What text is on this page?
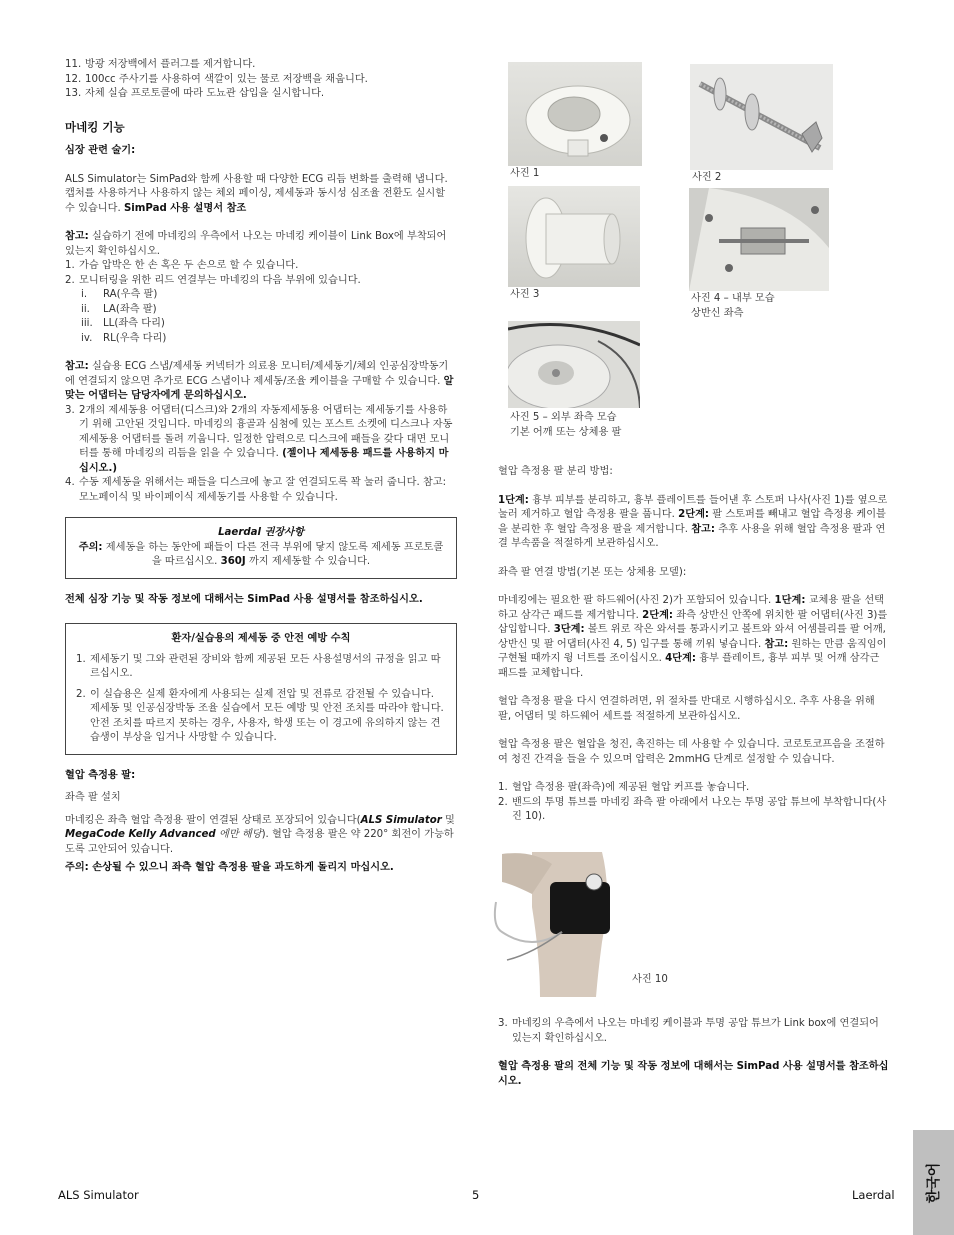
11. 방광 저장백에서 플러그를 제거합니다.
12. 100cc 주사기를 사용하여 색깔이 있는 물로 저장백을 채웁니다.
13. 자체 실습 프로토콜에 따라 도뇨관 삽입을 실시합니다.
마네킹 기능

심장 관련 술기:

ALS Simulator는 SimPad와 함께 사용할 때 다양한 ECG 리듬 변화를 출력해 냅니다. 캡처를 사용하거나 사용하지 않는 체외 페이싱, 제세동과 동시성 심조율 전환도 실시할 수 있습니다. SimPad 사용 설명서 참조

참고: 실습하기 전에 마네킹의 우측에서 나오는 마네킹 케이블이 Link Box에 부착되어 있는지 확인하십시오.

1. 가슴 압박은 한 손 혹은 두 손으로 할 수 있습니다.
2. 모니터링을 위한 리드 연결부는 마네킹의 다음 부위에 있습니다.
i. RA(우측 팔)
ii. LA(좌측 팔)
iii. LL(좌측 다리)
iv. RL(우측 다리)

참고: 실습용 ECG 스냅/제세동 커넥터가 의료용 모니터/제세동기/체외 인공심장박동기에 연결되지 않으면 추가로 ECG 스냅이나 제세동/조율 케이블을 구매할 수 있습니다. 알맞는 어댑터는 담당자에게 문의하십시오.

3. 2개의 제세동용 어댑터(디스크)와 2개의 자동제세동용 어댑터는 제세동기를 사용하기 위해 고안된 것입니다. 마네킹의 흉골과 심첨에 있는 포스트 소켓에 디스크나 자동제세동용 어댑터를 돌려 끼웁니다. 일정한 압력으로 디스크에 패들을 갖다 대면 모니터를 통해 마네킹의 리듬을 읽을 수 있습니다. (젤이나 제세동용 패드를 사용하지 마십시오.)
4. 수동 제세동을 위해서는 패들을 디스크에 놓고 잘 연결되도록 꽉 눌러 줍니다. 참고: 모노페이식 및 바이페이식 제세동기를 사용할 수 있습니다.
Laerdal 권장사항

주의: 제세동을 하는 동안에 패들이 다른 전극 부위에 닿지 않도록 제세동 프로토콜을 따르십시오. 360J 까지 제세동할 수 있습니다.

전체 심장 기능 및 작동 정보에 대해서는 SimPad 사용 설명서를 참조하십시오.

환자/실습용의 제세동 중 안전 예방 수칙
1. 제세동기 및 그와 관련된 장비와 함께 제공된 모든 사용설명서의 규정을 읽고 따르십시오.
2. 이 실습용은 실제 환자에게 사용되는 실제 전압 및 전류로 감전될 수 있습니다. 제세동 및 인공심장박동 조율 실습에서 모든 예방 및 안전 조치를 따라야 합니다. 안전 조치를 따르지 못하는 경우, 사용자, 학생 또는 이 경고에 유의하지 않는 견습생이 부상을 입거나 사망할 수 있습니다.

혈압 측정용 팔:

좌측 팔 설치

마네킹은 좌측 혈압 측정용 팔이 연결된 상태로 포장되어 있습니다(ALS Simulator 및 MegaCode Kelly Advanced 에만 해당). 혈압 측정용 팔은 약 220° 회전이 가능하도록 고안되어 있습니다.

주의: 손상될 수 있으니 좌측 혈압 측정용 팔을 과도하게 돌리지 마십시오.

사진 1	사진 2
사진 3	사진 4 – 내부 모습
상반신 좌측
사진 5 – 외부 좌측 모습
기본 어깨 또는 상체용 팔

혈압 측정용 팔 분리 방법:

1단계: 흉부 피부를 분리하고, 흉부 플레이트를 들어낸 후 스토퍼 나사(사진 1)를 옆으로 눌러 제거하고 혈압 측정용 팔을 풉니다. 2단계: 팔 스토퍼를 빼내고 혈압 측정용 케이블을 분리한 후 혈압 측정용 팔을 제거합니다. 참고: 추후 사용을 위해 혈압 측정용 팔과 연결 부속품을 적절하게 보관하십시오.

좌측 팔 연결 방법(기본 또는 상체용 모델):

마네킹에는 필요한 팔 하드웨어(사진 2)가 포함되어 있습니다. 1단계: 교체용 팔을 선택하고 삼각근 패드를 제거합니다. 2단계: 좌측 상반신 안쪽에 위치한 팔 어댑터(사진 3)를 삽입합니다. 3단계: 볼트 위로 작은 와셔를 통과시키고 볼트와 와셔 어셈블리를 팔 어깨, 상반신 및 팔 어댑터(사진 4, 5) 입구를 통해 끼워 넣습니다. 참고: 원하는 만큼 움직임이 구현될 때까지 윙 너트를 조이십시오. 4단계: 흉부 플레이트, 흉부 피부 및 어깨 삼각근 패드를 교체합니다.

혈압 측정용 팔을 다시 연결하려면, 위 절차를 반대로 시행하십시오. 추후 사용을 위해 팔, 어댑터 및 하드웨어 세트를 적절하게 보관하십시오.

혈압 측정용 팔은 혈압을 청진, 촉진하는 데 사용할 수 있습니다. 코로토코프음을 조절하여 청진 간격을 들을 수 있으며 압력은 2mmHG 단계로 설정할 수 있습니다.

1. 혈압 측정용 팔(좌측)에 제공된 혈압 커프를 놓습니다.
2. 밴드의 투명 튜브를 마네킹 좌측 팔 아래에서 나오는 투명 공압 튜브에 부착합니다(사진 10).
사진 10
3. 마네킹의 우측에서 나오는 마네킹 케이블과 투명 공압 튜브가 Link box에 연결되어 있는지 확인하십시오.

혈압 측정용 팔의 전체 기능 및 작동 정보에 대해서는 SimPad 사용 설명서를 참조하십시오.

ALS Simulator	5	Laerdal 한국어
